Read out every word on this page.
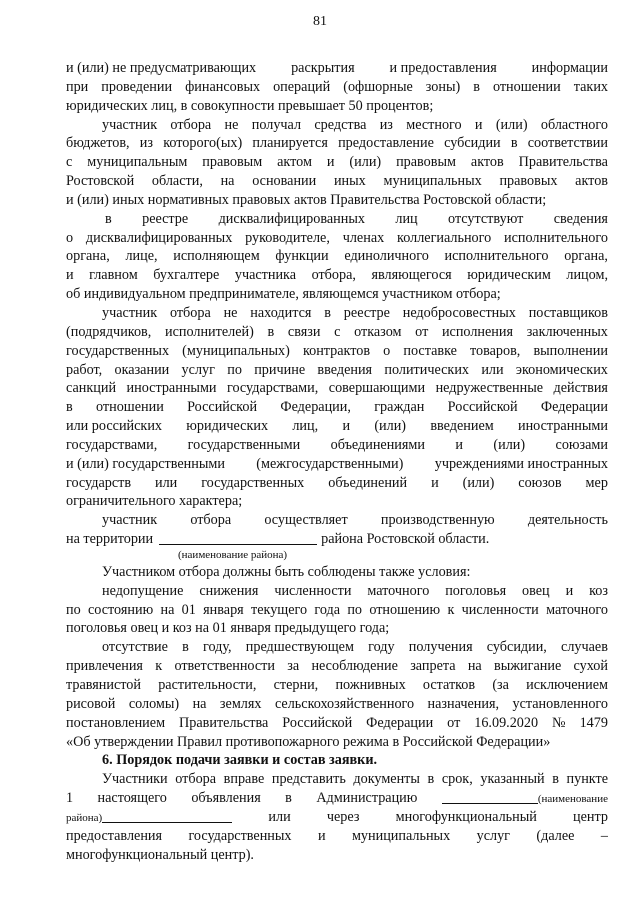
81
и (или) не предусматривающих раскрытия и предоставления информации
при проведении финансовых операций (офшорные зоны) в отношении таких
юридических лиц, в совокупности превышает 50 процентов;
участник отбора не получал средства из местного и (или) областного
бюджетов, из которого(ых) планируется предоставление субсидии в соответствии
с муниципальным правовым актом и (или) правовым актов Правительства
Ростовской области, на основании иных муниципальных правовых актов
и (или) иных нормативных правовых актов Правительства Ростовской области;
в реестре дисквалифицированных лиц отсутствуют сведения
о дисквалифицированных руководителе, членах коллегиального исполнительного
органа, лице, исполняющем функции единоличного исполнительного органа,
и главном бухгалтере участника отбора, являющегося юридическим лицом,
об индивидуальном предпринимателе, являющемся участником отбора;
участник отбора не находится в реестре недобросовестных поставщиков
(подрядчиков, исполнителей) в связи с отказом от исполнения заключенных
государственных (муниципальных) контрактов о поставке товаров, выполнении
работ, оказании услуг по причине введения политических или экономических
санкций иностранными государствами, совершающими недружественные действия
в отношении Российской Федерации, граждан Российской Федерации
или российских юридических лиц, и (или) введением иностранными
государствами, государственными объединениями и (или) союзами
и (или) государственными (межгосударственными) учреждениями иностранных
государств или государственных объединений и (или) союзов мер
ограничительного характера;
участник отбора осуществляет производственную деятельность
на территории	района Ростовской области.
(наименование района)
Участником отбора должны быть соблюдены также условия:
недопущение снижения численности маточного поголовья овец и коз
по состоянию на 01 января текущего года по отношению к численности маточного
поголовья овец и коз на 01 января предыдущего года;
отсутствие в году, предшествующем году получения субсидии, случаев
привлечения к ответственности за несоблюдение запрета на выжигание сухой
травянистой растительности, стерни, пожнивных остатков (за исключением
рисовой соломы) на землях сельскохозяйственного назначения, установленного
постановлением Правительства Российской Федерации от 16.09.2020 № 1479
«Об утверждении Правил противопожарного режима в Российской Федерации»
6. Порядок подачи заявки и состав заявки.
Участники отбора вправе представить документы в срок, указанный в пункте
1 настоящего объявления в Администрацию	(наименование
района)	или	через	многофункциональный	центр
предоставления государственных и муниципальных услуг (далее –
многофункциональный центр).
